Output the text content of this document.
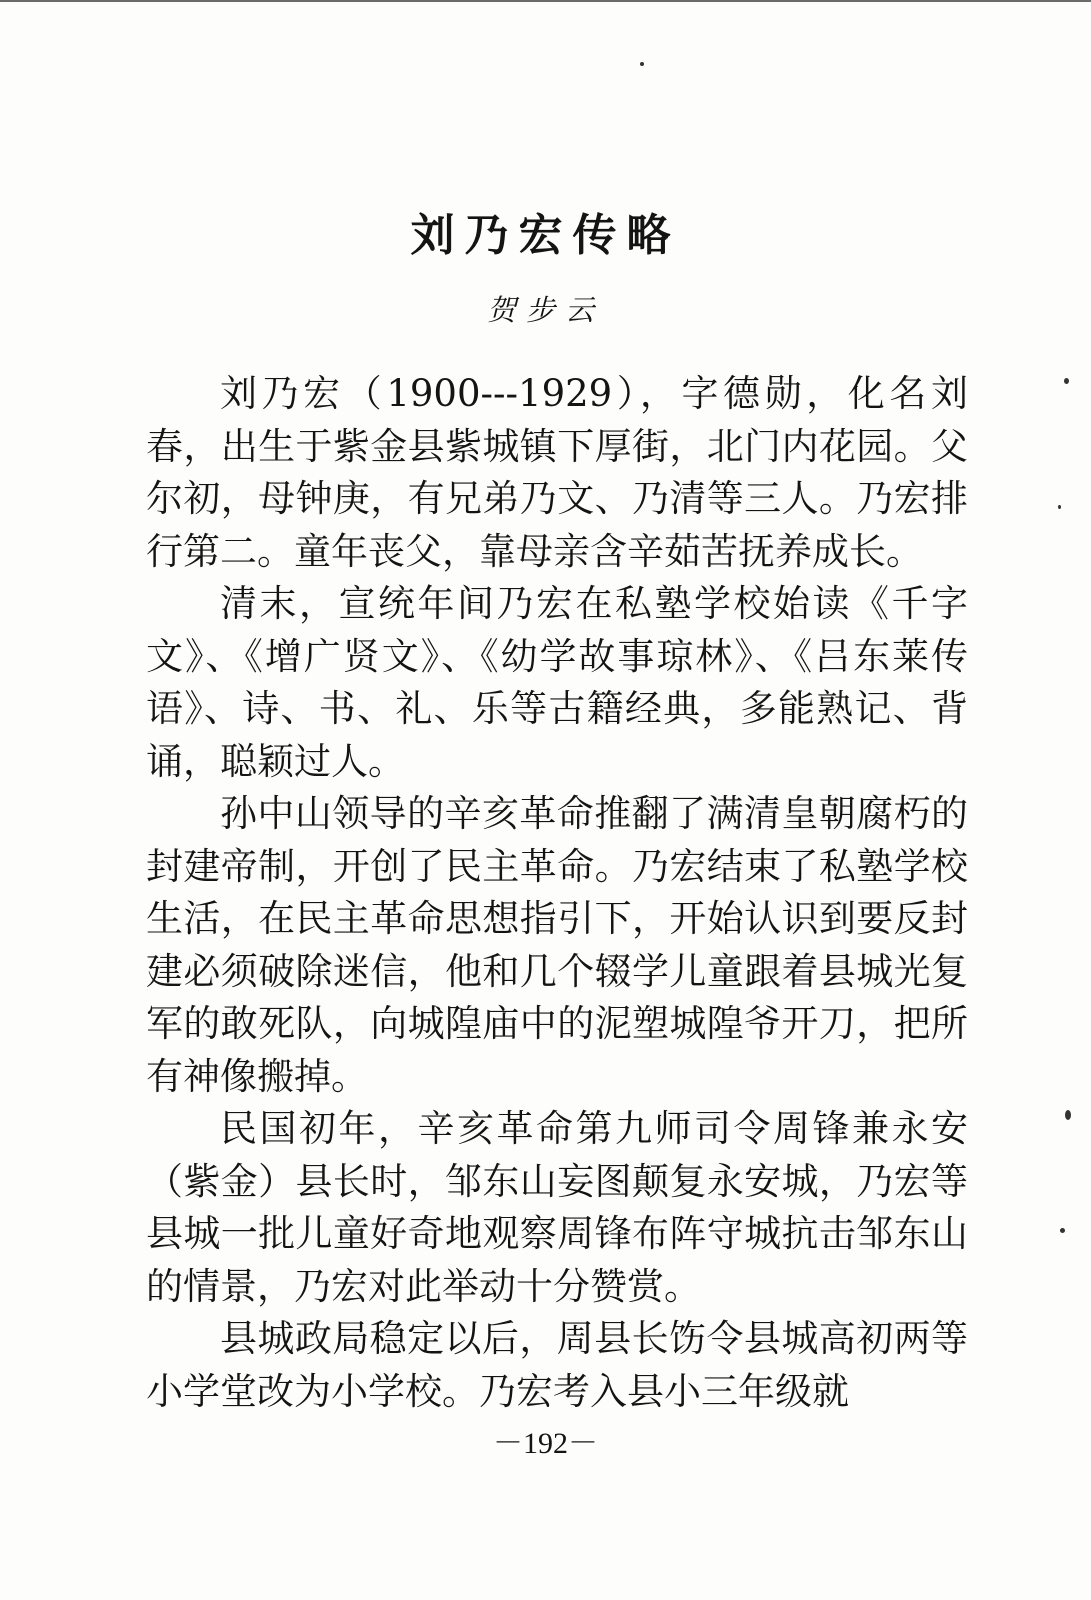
刘乃宏传略
贺步云

刘乃宏（1900---1929），字德勋，化名刘春，出生于紫金县紫城镇下厚街，北门内花园。父尔初，母钟庚，有兄弟乃文、乃清等三人。乃宏排行第二。童年丧父，靠母亲含辛茹苦抚养成长。

清末，宣统年间乃宏在私塾学校始读《千字文》、《增广贤文》、《幼学故事琼林》、《吕东莱传语》、诗、书、礼、乐等古籍经典，多能熟记、背诵，聪颖过人。

孙中山领导的辛亥革命推翻了满清皇朝腐朽的封建帝制，开创了民主革命。乃宏结束了私塾学校生活，在民主革命思想指引下，开始认识到要反封建必须破除迷信，他和几个辍学儿童跟着县城光复军的敢死队，向城隍庙中的泥塑城隍爷开刀，把所有神像搬掉。

民国初年，辛亥革命第九师司令周锋兼永安（紫金）县长时，邹东山妄图颠复永安城，乃宏等县城一批儿童好奇地观察周锋布阵守城抗击邹东山的情景，乃宏对此举动十分赞赏。

县城政局稳定以后，周县长饬令县城高初两等小学堂改为小学校。乃宏考入县小三年级就

－192－
